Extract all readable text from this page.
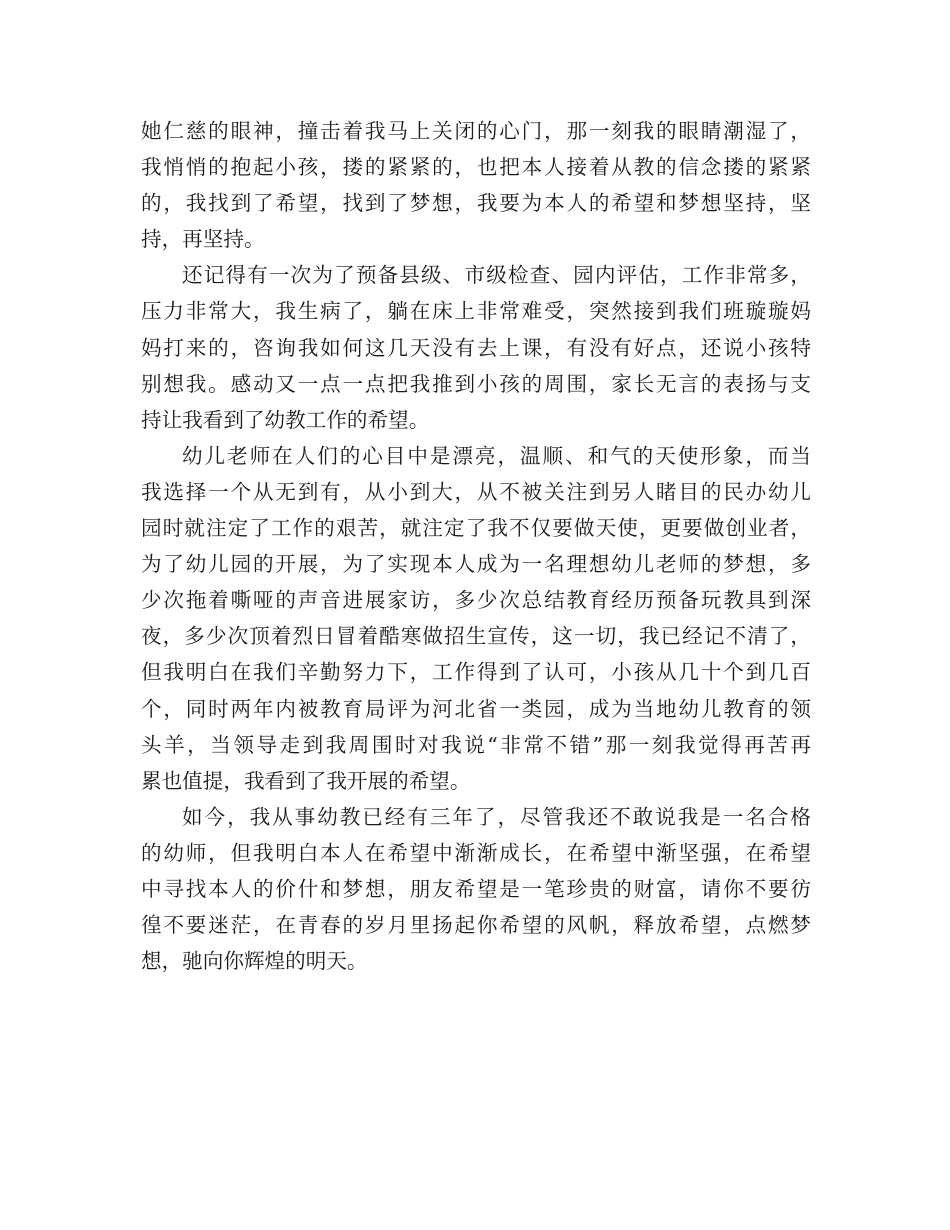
她仁慈的眼神，撞击着我马上关闭的心门，那一刻我的眼睛潮湿了，
我悄悄的抱起小孩，搂的紧紧的，也把本人接着从教的信念搂的紧紧
的，我找到了希望，找到了梦想，我要为本人的希望和梦想坚持，坚
持，再坚持。
还记得有一次为了预备县级、市级检查、园内评估，工作非常多，
压力非常大，我生病了，躺在床上非常难受，突然接到我们班璇璇妈
妈打来的，咨询我如何这几天没有去上课，有没有好点，还说小孩特
别想我。感动又一点一点把我推到小孩的周围，家长无言的表扬与支
持让我看到了幼教工作的希望。
幼儿老师在人们的心目中是漂亮，温顺、和气的天使形象，而当
我选择一个从无到有，从小到大，从不被关注到另人睹目的民办幼儿
园时就注定了工作的艰苦，就注定了我不仅要做天使，更要做创业者，
为了幼儿园的开展，为了实现本人成为一名理想幼儿老师的梦想，多
少次拖着嘶哑的声音进展家访，多少次总结教育经历预备玩教具到深
夜，多少次顶着烈日冒着酷寒做招生宣传，这一切，我已经记不清了，
但我明白在我们辛勤努力下，工作得到了认可，小孩从几十个到几百
个，同时两年内被教育局评为河北省一类园，成为当地幼儿教育的领
头羊，当领导走到我周围时对我说“非常不错”那一刻我觉得再苦再
累也值提，我看到了我开展的希望。
如今，我从事幼教已经有三年了，尽管我还不敢说我是一名合格
的幼师，但我明白本人在希望中渐渐成长，在希望中渐坚强，在希望
中寻找本人的价什和梦想，朋友希望是一笔珍贵的财富，请你不要彷
徨不要迷茫，在青春的岁月里扬起你希望的风帆，释放希望，点燃梦
想，驰向你辉煌的明天。
